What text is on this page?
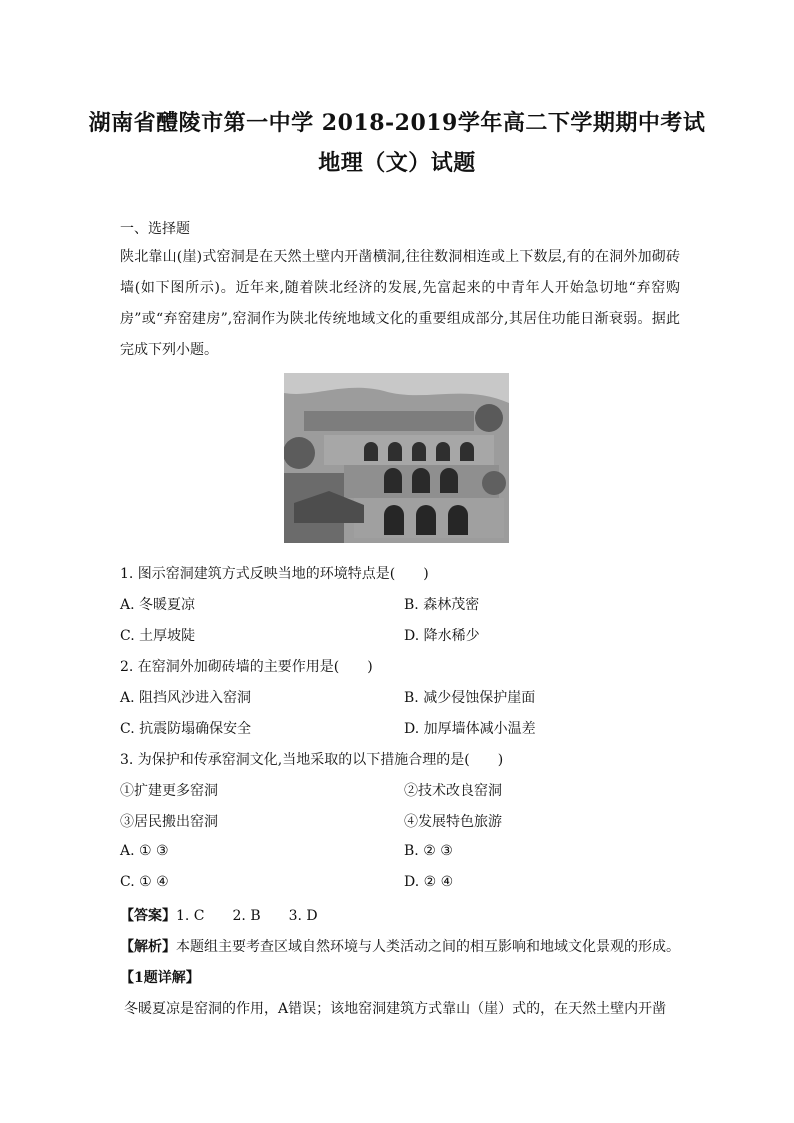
湖南省醴陵市第一中学 2018-2019学年高二下学期期中考试
地理（文）试题
一、选择题
陕北靠山(崖)式窑洞是在天然土壁内开凿横洞,往往数洞相连或上下数层,有的在洞外加砌砖墙(如下图所示)。近年来,随着陕北经济的发展,先富起来的中青年人开始急切地“弃窑购房”或“弃窑建房”,窑洞作为陕北传统地域文化的重要组成部分,其居住功能日渐衰弱。据此完成下列小题。
1. 图示窑洞建筑方式反映当地的环境特点是(　　)
A. 冬暖夏凉	B. 森林茂密
C. 土厚坡陡	D. 降水稀少
2. 在窑洞外加砌砖墙的主要作用是(　　)
A. 阻挡风沙进入窑洞	B. 减少侵蚀保护崖面
C. 抗震防塌确保安全	D. 加厚墙体减小温差
3. 为保护和传承窑洞文化,当地采取的以下措施合理的是(　　)
①扩建更多窑洞	②技术改良窑洞
③居民搬出窑洞	④发展特色旅游
A. ① ③	B. ② ③
C. ① ④	D. ② ④
【答案】1. C　　2. B　　3. D
【解析】本题组主要考查区域自然环境与人类活动之间的相互影响和地域文化景观的形成。
【1题详解】
冬暖夏凉是窑洞的作用，A错误；该地窑洞建筑方式靠山（崖）式的，在天然土壁内开凿
